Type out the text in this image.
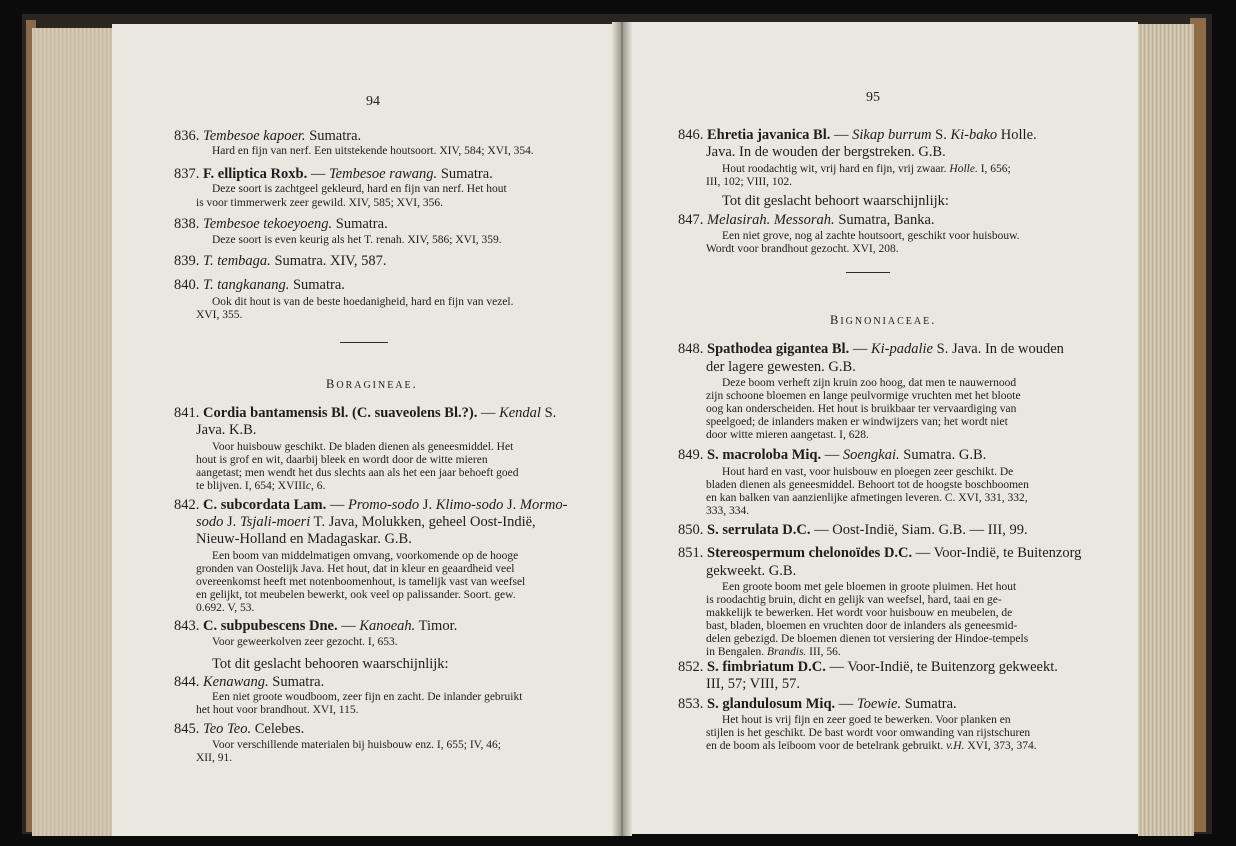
94	95
836. Tembesoe kapoer. Sumatra.
Hard en fijn van nerf. Een uitstekende houtsoort. XIV, 584; XVI, 354.
837. F. elliptica Roxb. — Tembesoe rawang. Sumatra.
Deze soort is zachtgeel gekleurd, hard en fijn van nerf. Het hout
is voor timmerwerk zeer gewild. XIV, 585; XVI, 356.
838. Tembesoe tekoeyoeng. Sumatra.
Deze soort is even keurig als het T. renah. XIV, 586; XVI, 359.
839. T. tembaga. Sumatra. XIV, 587.
840. T. tangkanang. Sumatra.
Ook dit hout is van de beste hoedanigheid, hard en fijn van vezel.
XVI, 355.
BORAGINEAE.
841. Cordia bantamensis Bl. (C. suaveolens Bl.?). — Kendal S.
Java. K.B.
Voor huisbouw geschikt. De bladen dienen als geneesmiddel. Het
hout is grof en wit, daarbij bleek en wordt door de witte mieren
aangetast; men wendt het dus slechts aan als het een jaar behoeft goed
te blijven. I, 654; XVIIIc, 6.
842. C. subcordata Lam. — Promo-sodo J. Klimo-sodo J. Mormo-
sodo J. Tsjali-moeri T. Java, Molukken, geheel Oost-Indië,
Nieuw-Holland en Madagaskar. G.B.
Een boom van middelmatigen omvang, voorkomende op de hooge
gronden van Oostelijk Java. Het hout, dat in kleur en geaardheid veel
overeenkomst heeft met notenboomenhout, is tamelijk vast van weefsel
en gelijkt, tot meubelen bewerkt, ook veel op palissander. Soort. gew.
0.692. V, 53.
843. C. subpubescens Dne. — Kanoeah. Timor.
Voor geweerkolven zeer gezocht. I, 653.
Tot dit geslacht behooren waarschijnlijk:
844. Kenawang. Sumatra.
Een niet groote woudboom, zeer fijn en zacht. De inlander gebruikt
het hout voor brandhout. XVI, 115.
845. Teo Teo. Celebes.
Voor verschillende materialen bij huisbouw enz. I, 655; IV, 46;
XII, 91.
846. Ehretia javanica Bl. — Sikap burrum S. Ki-bako Holle.
Java. In de wouden der bergstreken. G.B.
Hout roodachtig wit, vrij hard en fijn, vrij zwaar. Holle. I, 656;
III, 102; VIII, 102.
Tot dit geslacht behoort waarschijnlijk:
847. Melasirah. Messorah. Sumatra, Banka.
Een niet grove, nog al zachte houtsoort, geschikt voor huisbouw.
Wordt voor brandhout gezocht. XVI, 208.
BIGNONIACEAE.
848. Spathodea gigantea Bl. — Ki-padalie S. Java. In de wouden
der lagere gewesten. G.B.
Deze boom verheft zijn kruin zoo hoog, dat men te nauwernood
zijn schoone bloemen en lange peulvormige vruchten met het bloote
oog kan onderscheiden. Het hout is bruikbaar ter vervaardiging van
speelgoed; de inlanders maken er windwijzers van; het wordt niet
door witte mieren aangetast. I, 628.
849. S. macroloba Miq. — Soengkai. Sumatra. G.B.
Hout hard en vast, voor huisbouw en ploegen zeer geschikt. De
bladen dienen als geneesmiddel. Behoort tot de hoogste boschboomen
en kan balken van aanzienlijke afmetingen leveren. C. XVI, 331, 332,
333, 334.
850. S. serrulata D.C. — Oost-Indië, Siam. G.B. — III, 99.
851. Stereospermum chelonoïdes D.C. — Voor-Indië, te Buitenzorg
gekweekt. G.B.
Een groote boom met gele bloemen in groote pluimen. Het hout
is roodachtig bruin, dicht en gelijk van weefsel, hard, taai en ge-
makkelijk te bewerken. Het wordt voor huisbouw en meubelen, de
bast, bladen, bloemen en vruchten door de inlanders als geneesmid-
delen gebezigd. De bloemen dienen tot versiering der Hindoe-tempels
in Bengalen. Brandis. III, 56.
852. S. fimbriatum D.C. — Voor-Indië, te Buitenzorg gekweekt.
III, 57; VIII, 57.
853. S. glandulosum Miq. — Toewie. Sumatra.
Het hout is vrij fijn en zeer goed te bewerken. Voor planken en
stijlen is het geschikt. De bast wordt voor omwanding van rijstschuren
en de boom als leiboom voor de betelrank gebruikt. v.H. XVI, 373, 374.
